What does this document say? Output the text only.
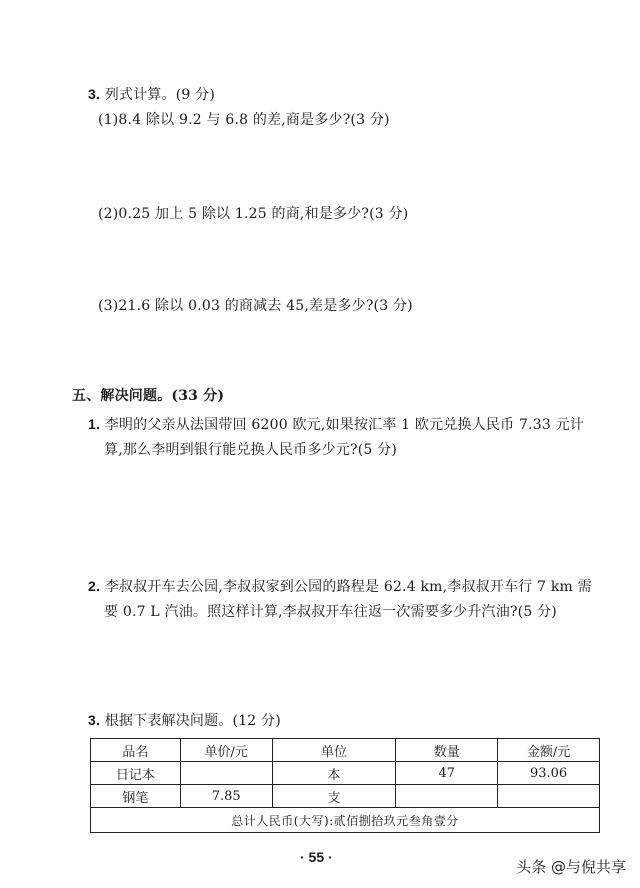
3. 列式计算。(9 分)
(1)8.4 除以 9.2 与 6.8 的差,商是多少?(3 分)
(2)0.25 加上 5 除以 1.25 的商,和是多少?(3 分)
(3)21.6 除以 0.03 的商减去 45,差是多少?(3 分)
五、解决问题。(33 分)
1. 李明的父亲从法国带回 6200 欧元,如果按汇率 1 欧元兑换人民币 7.33 元计
算,那么李明到银行能兑换人民币多少元?(5 分)
2. 李叔叔开车去公园,李叔叔家到公园的路程是 62.4 km,李叔叔开车行 7 km 需
要 0.7 L 汽油。照这样计算,李叔叔开车往返一次需要多少升汽油?(5 分)
3. 根据下表解决问题。(12 分)
品名	单价/元	单位	数量	金额/元
日记本		本	47	93.06
钢笔	7.85	支		
总计人民币(大写):贰佰捌拾玖元叁角壹分				
· 55 ·
头条 @与倪共享
